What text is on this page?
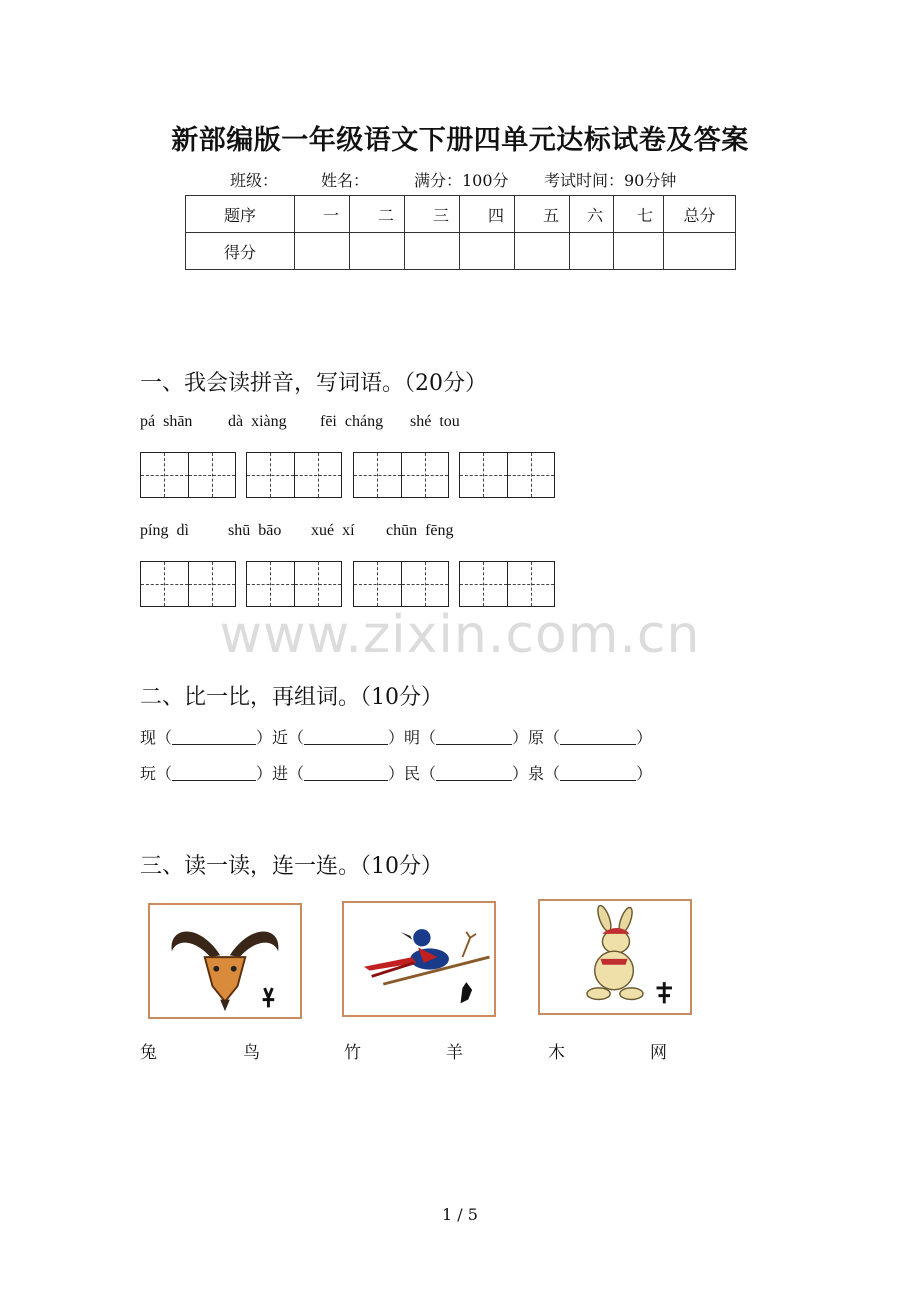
新部编版一年级语文下册四单元达标试卷及答案
班级：	姓名：	满分：100分 考试时间：90分钟
题序	一	二	三	四	五	六	七	总分
得分								
一、我会读拼音，写词语。（20分）
pá  shān dà  xiàng fēi  cháng shé  tou
píng  dì shū  bāo xué  xí chūn  fēng
www.zixin.com.cn
二、比一比，再组词。（10分）
现（	）近（	）明（	）原（	）
玩（	）进（	）民（	）泉（	）
三、读一读，连一连。（10分）
兔	鸟	竹	羊	木	网
1 / 5
